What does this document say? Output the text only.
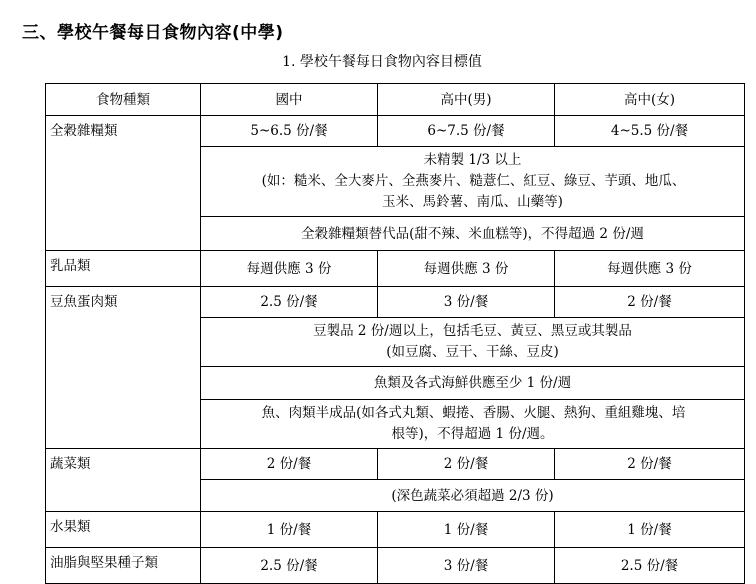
三、學校午餐每日食物內容(中學)
1. 學校午餐每日食物內容目標值
食物種類	國中	高中(男)	高中(女)
全穀雜糧類	5~6.5 份/餐	6~7.5 份/餐	4~5.5 份/餐

	未精製 1/3 以上
(如：糙米、全大麥片、全燕麥片、糙薏仁、紅豆、綠豆、芋頭、地瓜、
玉米、馬鈴薯、南瓜、山藥等)		

	全穀雜糧類替代品(甜不辣、米血糕等)，不得超過 2 份/週		
乳品類	每週供應 3 份	每週供應 3 份	每週供應 3 份
豆魚蛋肉類	2.5 份/餐	3 份/餐	2 份/餐

	豆製品 2 份/週以上，包括毛豆、黃豆、黑豆或其製品
(如豆腐、豆干、干絲、豆皮)		

	魚類及各式海鮮供應至少 1 份/週		

	魚、肉類半成品(如各式丸類、蝦捲、香腸、火腿、熱狗、重組雞塊、培
根等)，不得超過 1 份/週。		

蔬菜類	2 份/餐	2 份/餐	2 份/餐
	(深色蔬菜必須超過 2/3 份)		
水果類	1 份/餐	1 份/餐	1 份/餐
油脂與堅果種子類	2.5 份/餐	3 份/餐	2.5 份/餐
